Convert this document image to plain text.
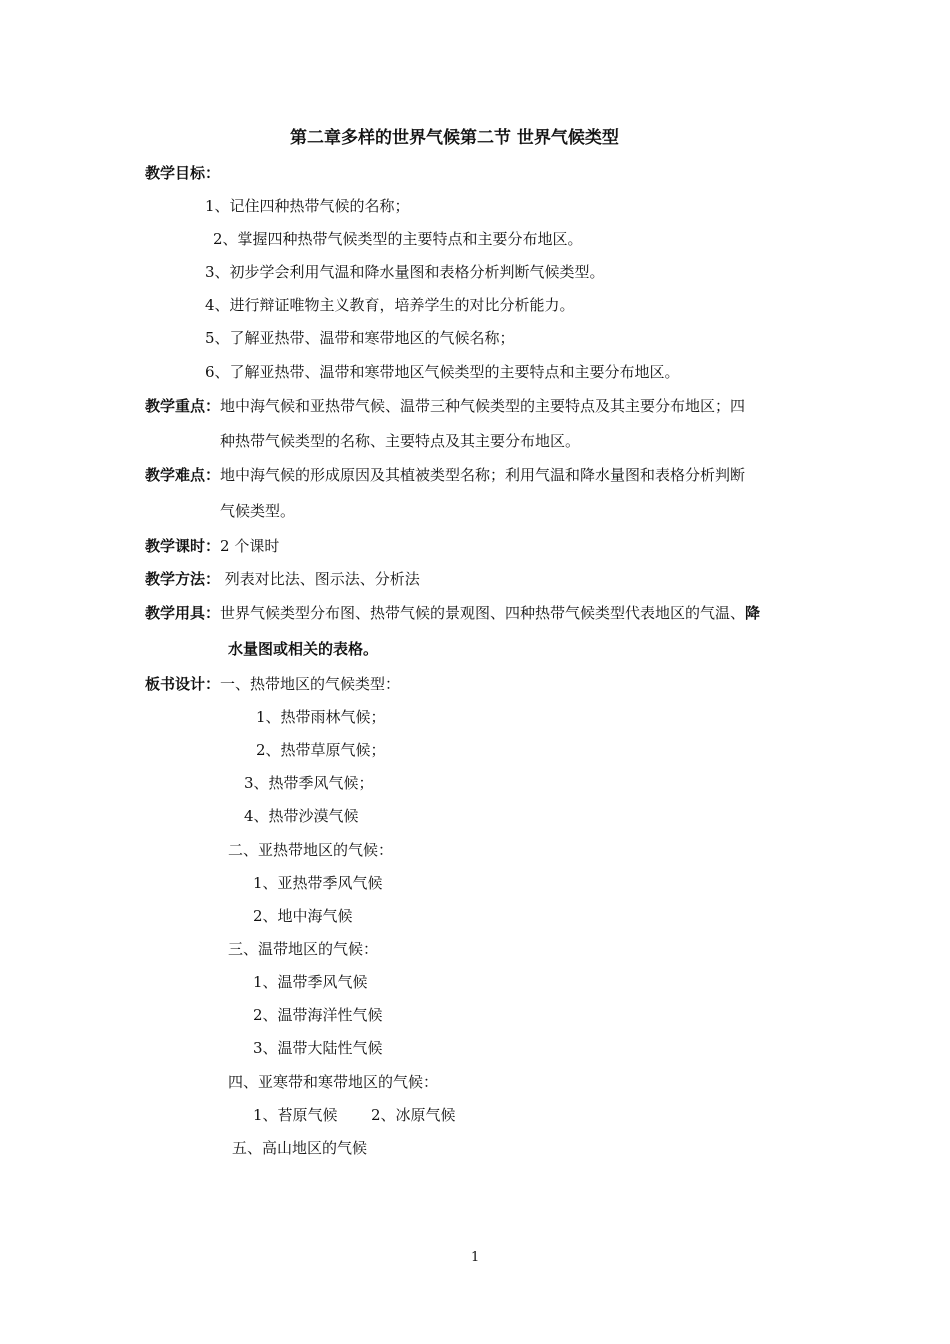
第二章多样的世界气候第二节 世界气候类型
教学目标：
1、记住四种热带气候的名称；
2、掌握四种热带气候类型的主要特点和主要分布地区。
3、初步学会利用气温和降水量图和表格分析判断气候类型。
4、进行辩证唯物主义教育，培养学生的对比分析能力。
5、了解亚热带、温带和寒带地区的气候名称；
6、了解亚热带、温带和寒带地区气候类型的主要特点和主要分布地区。
教学重点：地中海气候和亚热带气候、温带三种气候类型的主要特点及其主要分布地区；四
种热带气候类型的名称、主要特点及其主要分布地区。
教学难点：地中海气候的形成原因及其植被类型名称；利用气温和降水量图和表格分析判断
气候类型。
教学课时：2 个课时
教学方法： 列表对比法、图示法、分析法
教学用具：世界气候类型分布图、热带气候的景观图、四种热带气候类型代表地区的气温、降
水量图或相关的表格。
板书设计：一、热带地区的气候类型：
1、热带雨林气候；
2、热带草原气候；
3、热带季风气候；
4、热带沙漠气候
二、亚热带地区的气候：
1、亚热带季风气候
2、地中海气候
三、温带地区的气候：
1、温带季风气候
2、温带海洋性气候
3、温带大陆性气候
四、亚寒带和寒带地区的气候：
1、苔原气候 2、冰原气候
五、高山地区的气候
1
